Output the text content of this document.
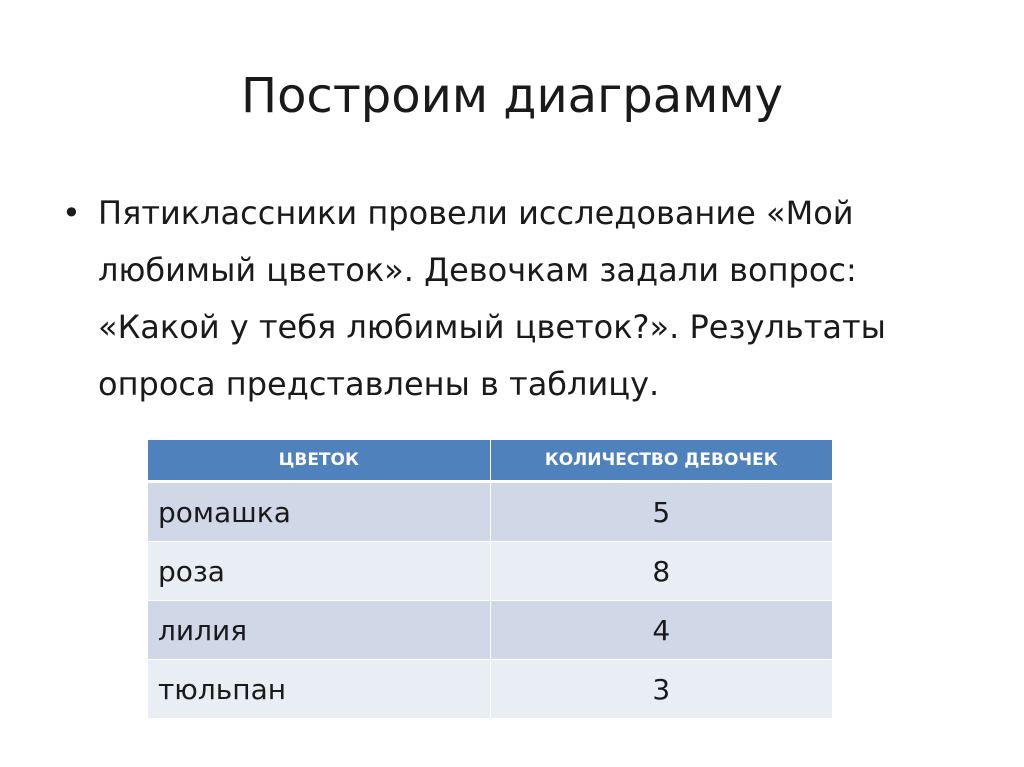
Построим диаграмму
• Пятиклассники провели исследование «Мой любимый цветок». Девочкам задали вопрос: «Какой у тебя любимый цветок?». Результаты опроса представлены в таблицу.
ЦВЕТОК	КОЛИЧЕСТВО ДЕВОЧЕК
ромашка	5
роза	8
лилия	4
тюльпан	3
